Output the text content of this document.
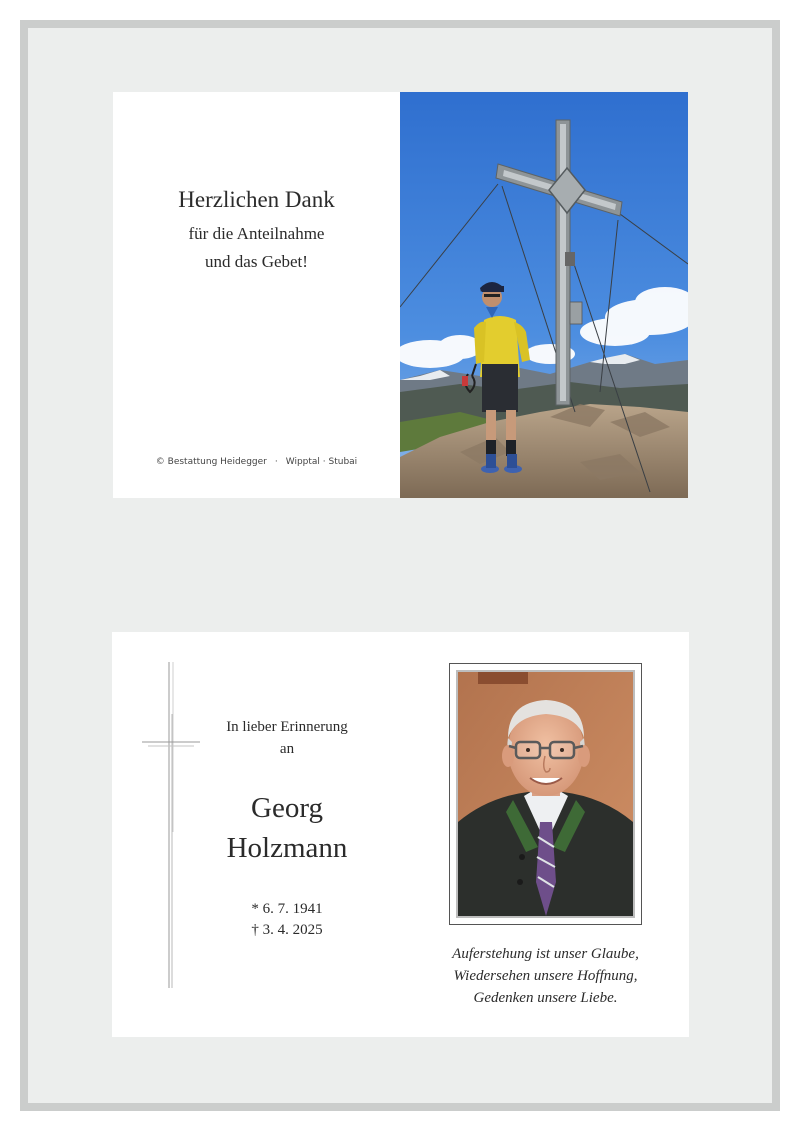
Herzlichen Dank
für die Anteilnahme
und das Gebet!
© Bestattung Heidegger · Wipptal · Stubai
In lieber Erinnerung
an
Georg
Holzmann
* 6. 7. 1941
† 3. 4. 2025
Auferstehung ist unser Glaube,
Wiedersehen unsere Hoffnung,
Gedenken unsere Liebe.
